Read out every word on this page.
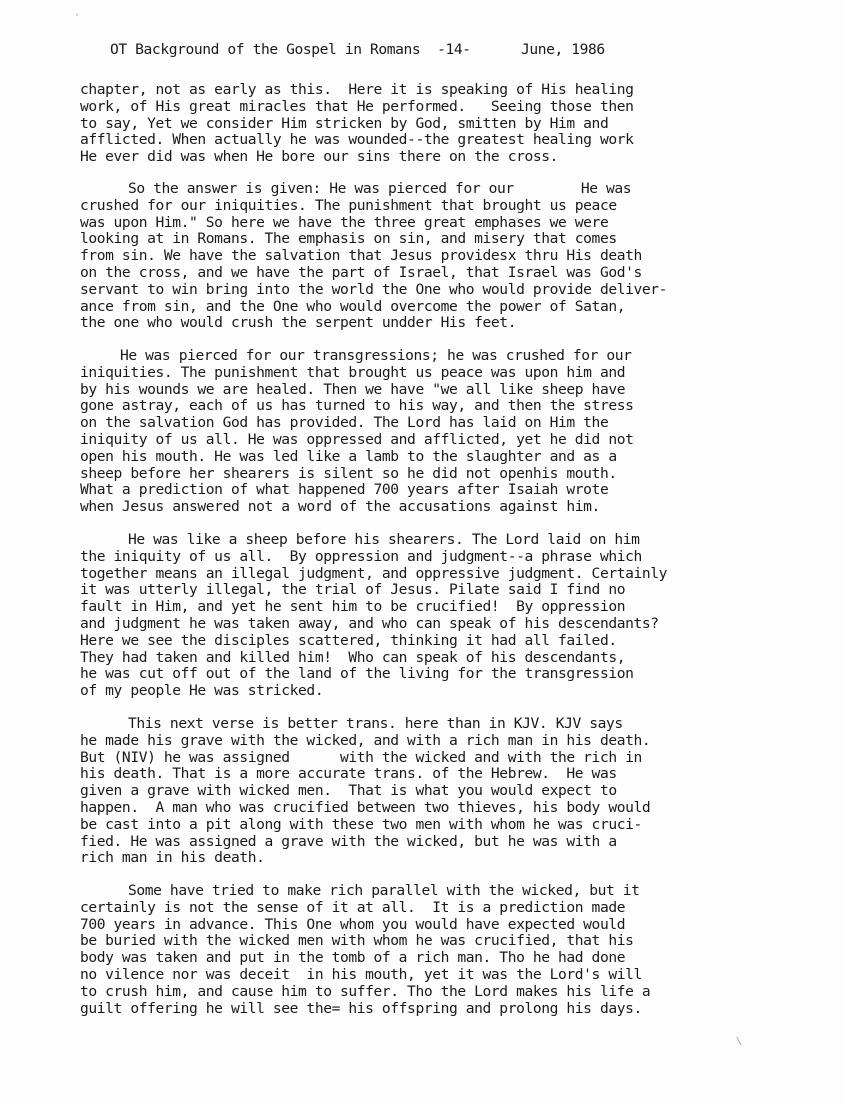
·
OT Background of the Gospel in Romans -14-	June, 1986
chapter, not as early as this.  Here it is speaking of His healing
work, of His great miracles that He performed.   Seeing those then
to say, Yet we consider Him stricken by God, smitten by Him and
afflicted. When actually he was wounded--the greatest healing work
He ever did was when He bore our sins there on the cross.
So the answer is given: He was pierced for our        He was
crushed for our iniquities. The punishment that brought us peace
was upon Him." So here we have the three great emphases we were
looking at in Romans. The emphasis on sin, and misery that comes
from sin. We have the salvation that Jesus providesx thru His death
on the cross, and we have the part of Israel, that Israel was God's
servant to win bring into the world the One who would provide deliver-
ance from sin, and the One who would overcome the power of Satan,
the one who would crush the serpent undder His feet.
He was pierced for our transgressions; he was crushed for our
iniquities. The punishment that brought us peace was upon him and
by his wounds we are healed. Then we have "we all like sheep have
gone astray, each of us has turned to his way, and then the stress
on the salvation God has provided. The Lord has laid on Him the
iniquity of us all. He was oppressed and afflicted, yet he did not
open his mouth. He was led like a lamb to the slaughter and as a
sheep before her shearers is silent so he did not openhis mouth.
What a prediction of what happened 700 years after Isaiah wrote
when Jesus answered not a word of the accusations against him.
He was like a sheep before his shearers. The Lord laid on him
the iniquity of us all.  By oppression and judgment--a phrase which
together means an illegal judgment, and oppressive judgment. Certainly
it was utterly illegal, the trial of Jesus. Pilate said I find no
fault in Him, and yet he sent him to be crucified!  By oppression
and judgment he was taken away, and who can speak of his descendants?
Here we see the disciples scattered, thinking it had all failed.
They had taken and killed him!  Who can speak of his descendants,
he was cut off out of the land of the living for the transgression
of my people He was stricked.
This next verse is better trans. here than in KJV. KJV says
he made his grave with the wicked, and with a rich man in his death.
But (NIV) he was assigned      with the wicked and with the rich in
his death. That is a more accurate trans. of the Hebrew.  He was
given a grave with wicked men.  That is what you would expect to
happen.  A man who was crucified between two thieves, his body would
be cast into a pit along with these two men with whom he was cruci-
fied. He was assigned a grave with the wicked, but he was with a
rich man in his death.
Some have tried to make rich parallel with the wicked, but it
certainly is not the sense of it at all.  It is a prediction made
700 years in advance. This One whom you would have expected would
be buried with the wicked men with whom he was crucified, that his
body was taken and put in the tomb of a rich man. Tho he had done
no vilence nor was deceit  in his mouth, yet it was the Lord's will
to crush him, and cause him to suffer. Tho the Lord makes his life a
guilt offering he will see the= his offspring and prolong his days.
\
